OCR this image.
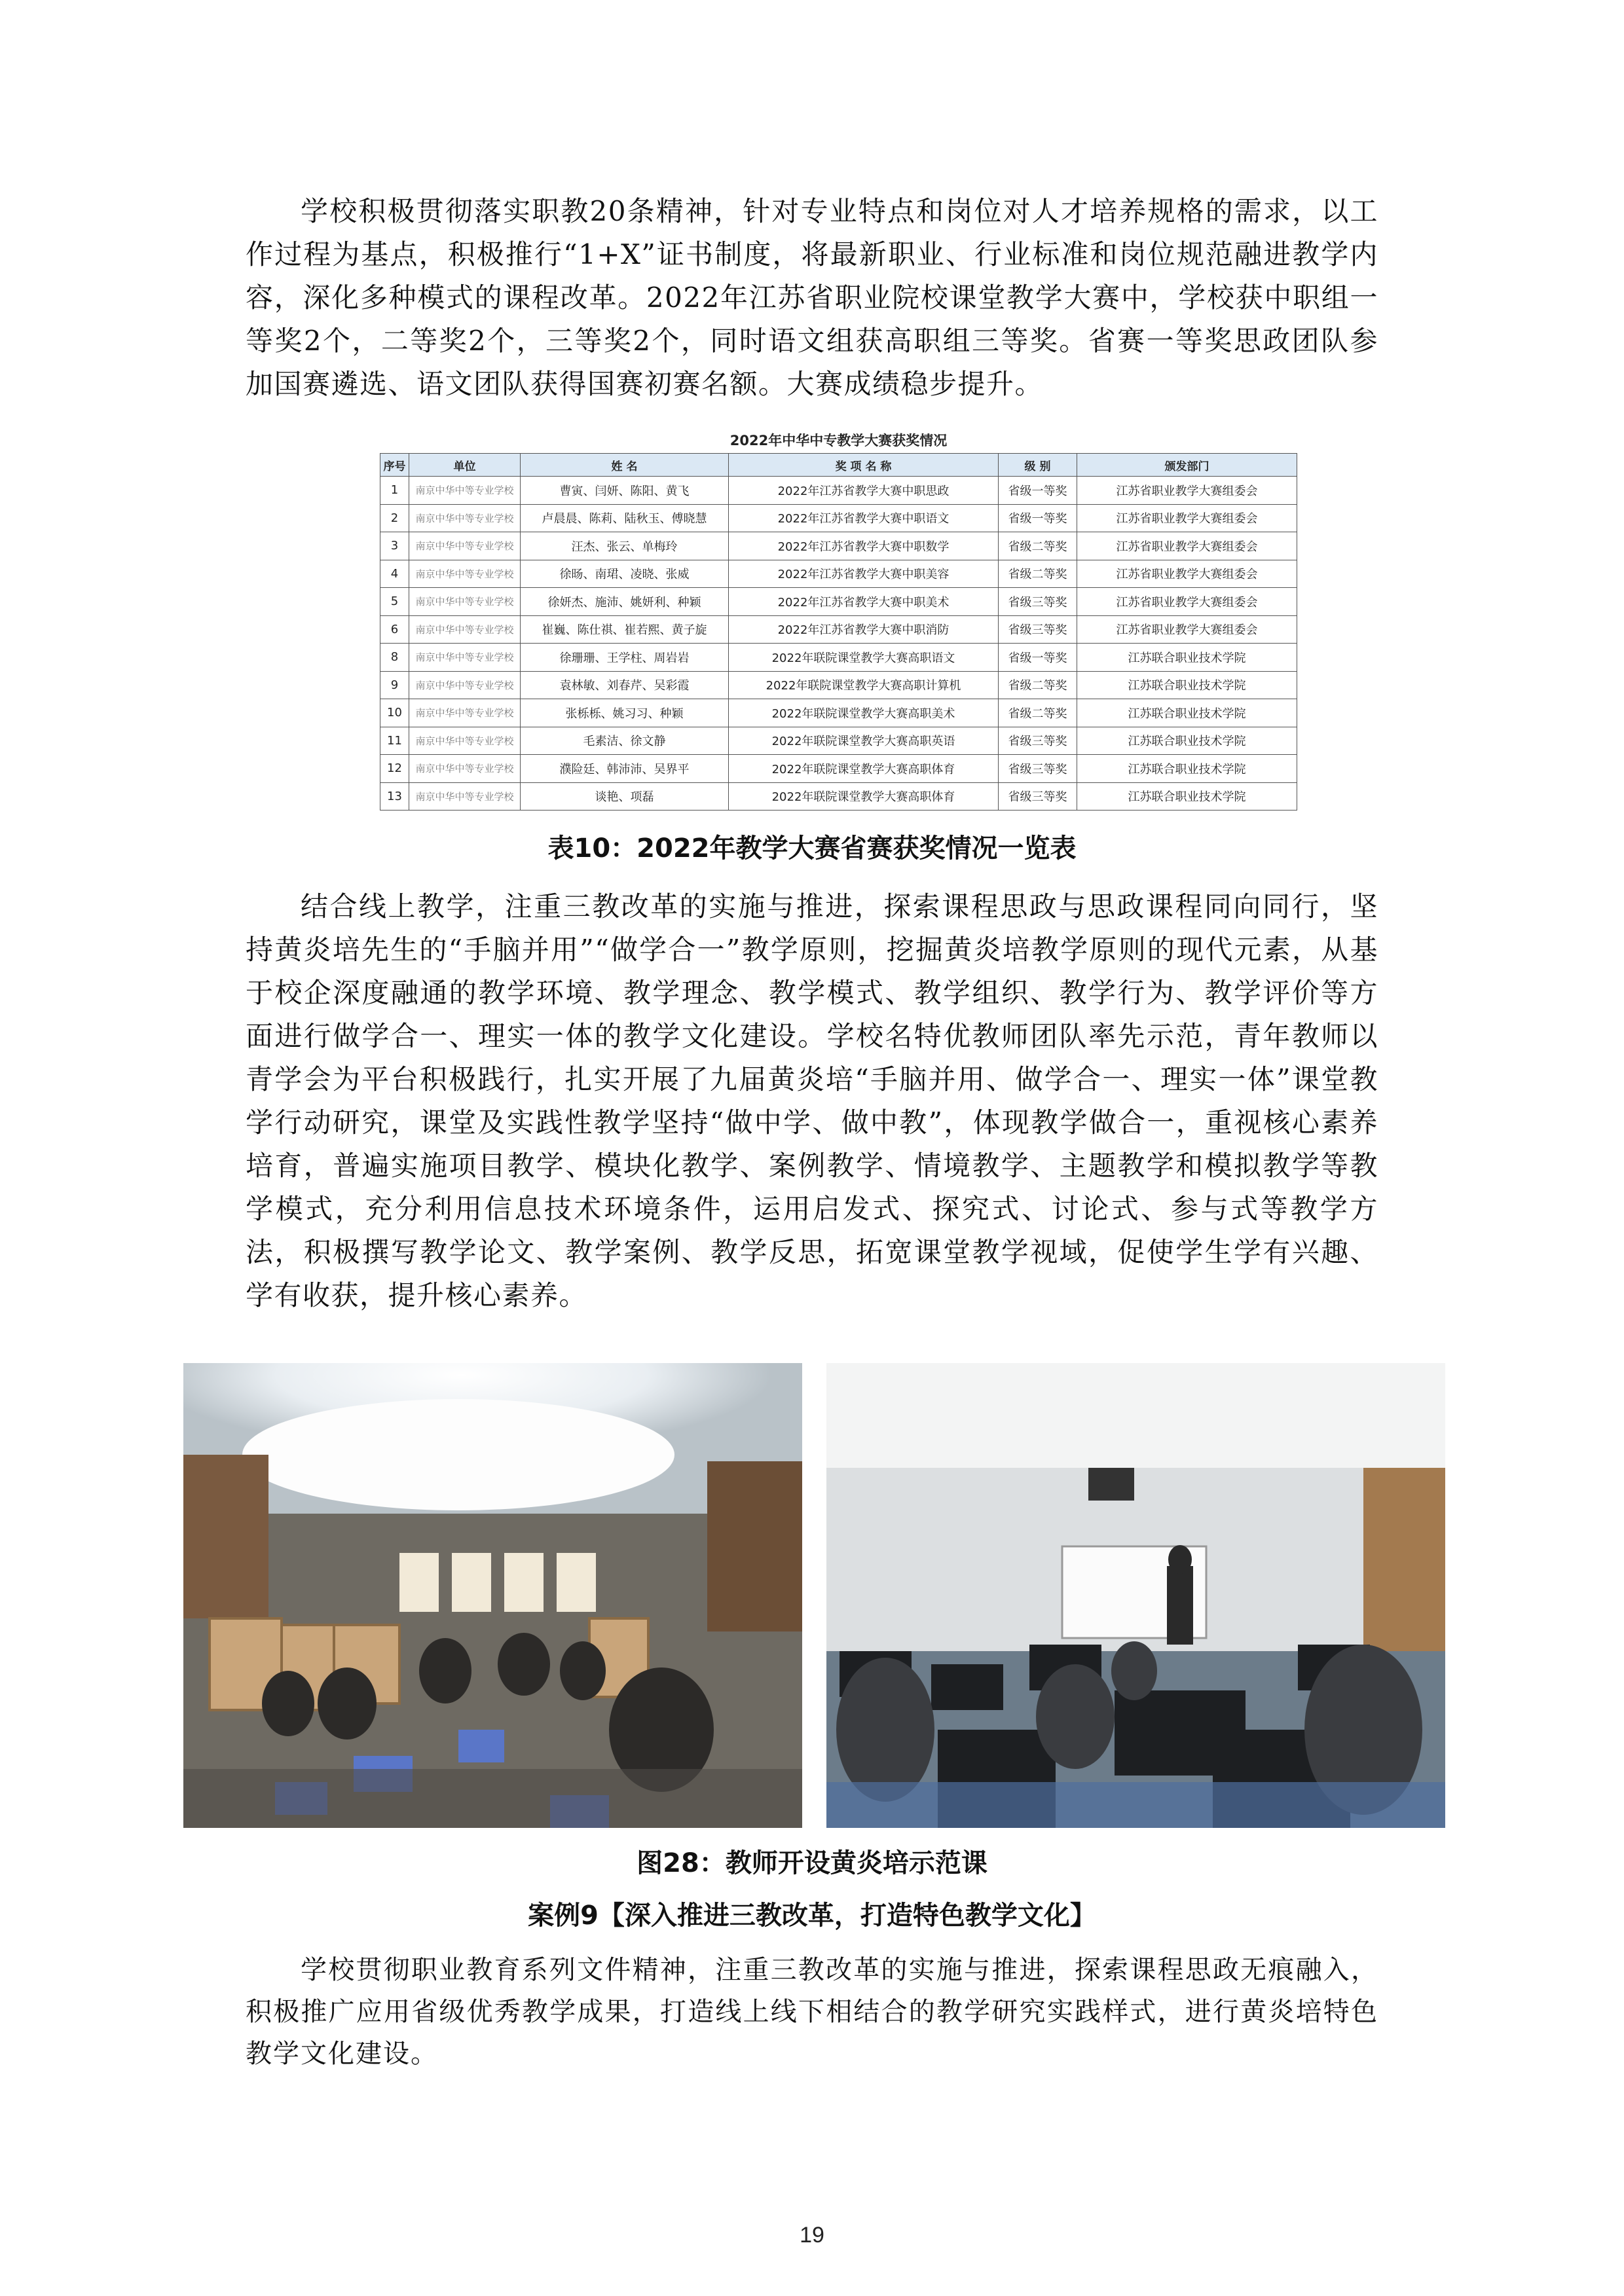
学校积极贯彻落实职教20条精神，针对专业特点和岗位对人才培养规格的需求，以工作过程为基点，积极推行“1+X”证书制度，将最新职业、行业标准和岗位规范融进教学内容，深化多种模式的课程改革。2022年江苏省职业院校课堂教学大赛中，学校获中职组一等奖2个，二等奖2个，三等奖2个，同时语文组获高职组三等奖。省赛一等奖思政团队参加国赛遴选、语文团队获得国赛初赛名额。大赛成绩稳步提升。

2022年中华中专教学大赛获奖情况					
序号	单位	姓 名	奖 项 名 称	级 别	颁发部门
1	南京中华中等专业学校	曹寅、闫妍、陈阳、黄飞	2022年江苏省教学大赛中职思政	省级一等奖	江苏省职业教学大赛组委会
2	南京中华中等专业学校	卢晨晨、陈莉、陆秋玉、傅晓慧	2022年江苏省教学大赛中职语文	省级一等奖	江苏省职业教学大赛组委会
3	南京中华中等专业学校	汪杰、张云、单梅玲	2022年江苏省教学大赛中职数学	省级二等奖	江苏省职业教学大赛组委会
4	南京中华中等专业学校	徐旸、南珺、凌晓、张威	2022年江苏省教学大赛中职美容	省级二等奖	江苏省职业教学大赛组委会
5	南京中华中等专业学校	徐妍杰、施沛、姚妍利、种颖	2022年江苏省教学大赛中职美术	省级三等奖	江苏省职业教学大赛组委会
6	南京中华中等专业学校	崔巍、陈仕祺、崔若熙、黄子旋	2022年江苏省教学大赛中职消防	省级三等奖	江苏省职业教学大赛组委会
8	南京中华中等专业学校	徐珊珊、王学柱、周岩岩	2022年联院课堂教学大赛高职语文	省级一等奖	江苏联合职业技术学院
9	南京中华中等专业学校	袁林敏、刘春芹、吴彩霞	2022年联院课堂教学大赛高职计算机	省级二等奖	江苏联合职业技术学院
10	南京中华中等专业学校	张栎栎、姚习习、种颖	2022年联院课堂教学大赛高职美术	省级二等奖	江苏联合职业技术学院
11	南京中华中等专业学校	毛素洁、徐文静	2022年联院课堂教学大赛高职英语	省级三等奖	江苏联合职业技术学院
12	南京中华中等专业学校	濮险廷、韩沛沛、吴界平	2022年联院课堂教学大赛高职体育	省级三等奖	江苏联合职业技术学院
13	南京中华中等专业学校	谈艳、项磊	2022年联院课堂教学大赛高职体育	省级三等奖	江苏联合职业技术学院
表10：2022年教学大赛省赛获奖情况一览表

结合线上教学，注重三教改革的实施与推进，探索课程思政与思政课程同向同行，坚持黄炎培先生的“手脑并用”“做学合一”教学原则，挖掘黄炎培教学原则的现代元素，从基于校企深度融通的教学环境、教学理念、教学模式、教学组织、教学行为、教学评价等方面进行做学合一、理实一体的教学文化建设。学校名特优教师团队率先示范，青年教师以青学会为平台积极践行，扎实开展了九届黄炎培“手脑并用、做学合一、理实一体”课堂教学行动研究，课堂及实践性教学坚持“做中学、做中教”，体现教学做合一，重视核心素养培育，普遍实施项目教学、模块化教学、案例教学、情境教学、主题教学和模拟教学等教学模式，充分利用信息技术环境条件，运用启发式、探究式、讨论式、参与式等教学方法，积极撰写教学论文、教学案例、教学反思，拓宽课堂教学视域，促使学生学有兴趣、学有收获，提升核心素养。

图28：教师开设黄炎培示范课
案例9【深入推进三教改革，打造特色教学文化】

学校贯彻职业教育系列文件精神，注重三教改革的实施与推进，探索课程思政无痕融入，积极推广应用省级优秀教学成果，打造线上线下相结合的教学研究实践样式，进行黄炎培特色教学文化建设。

19
